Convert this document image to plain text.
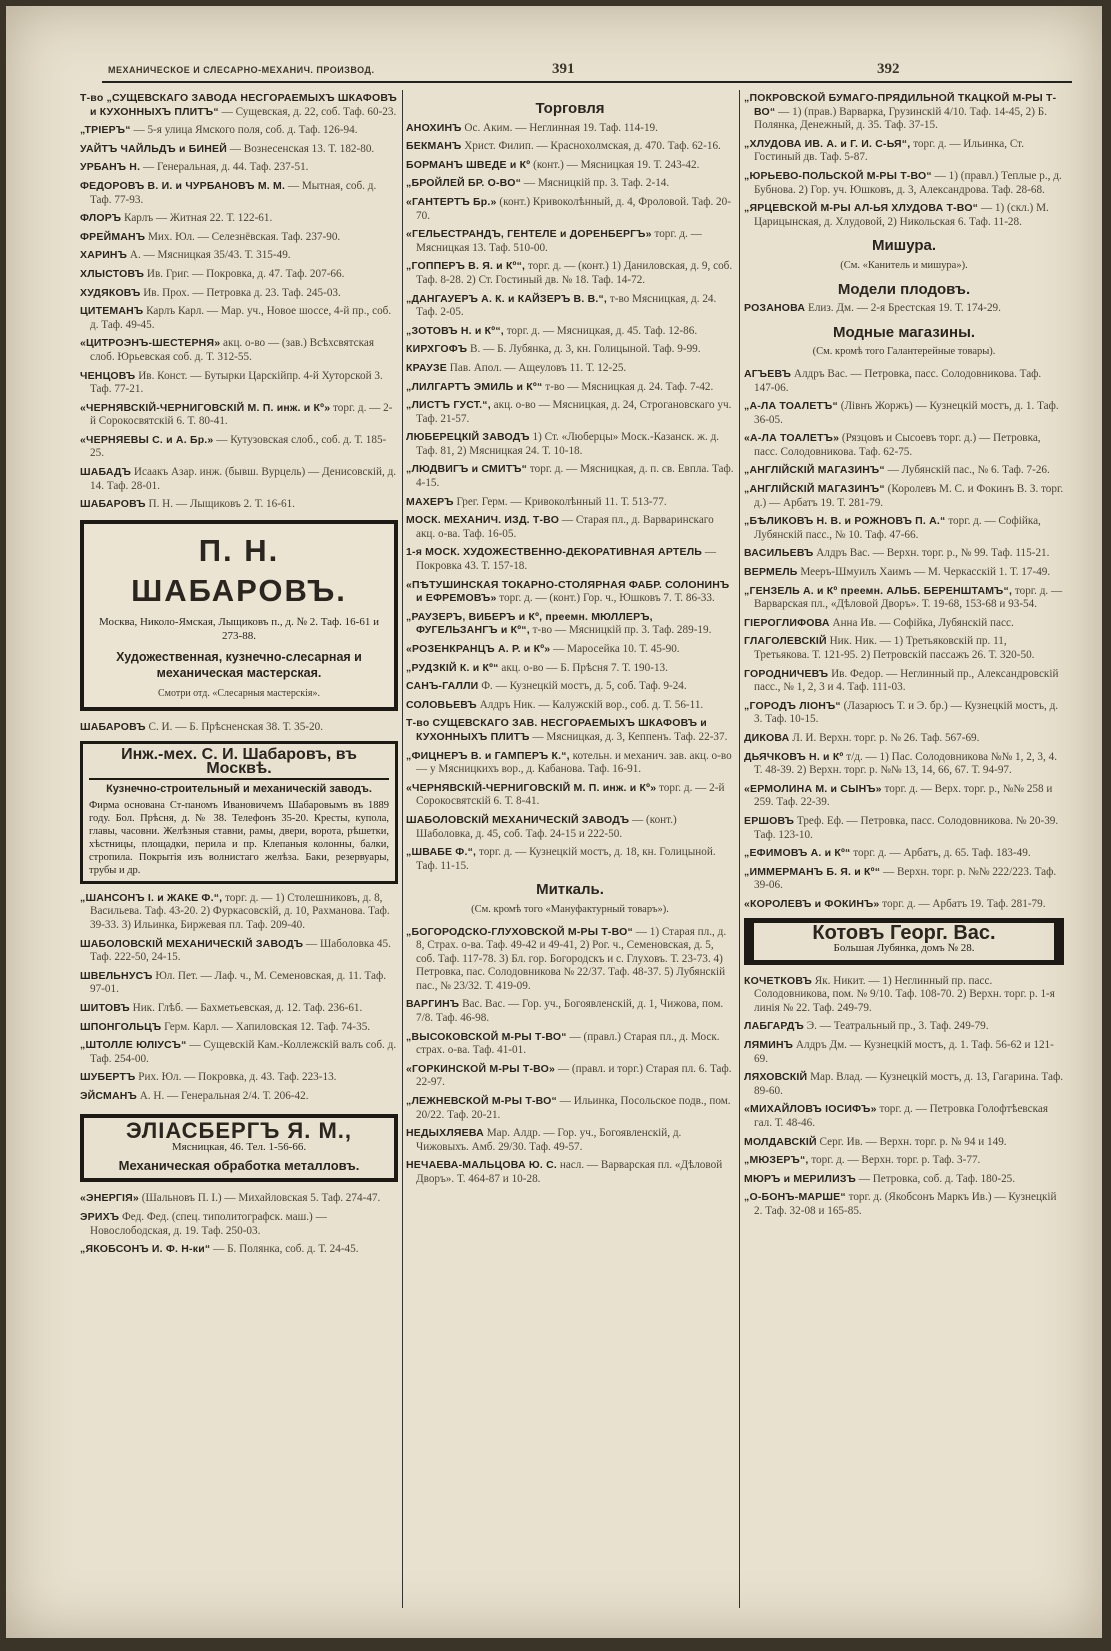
МЕХАНИЧЕСКОЕ И СЛЕСАРНО-МЕХАНИЧ. ПРОИЗВОД.	391	392
Т-во „СУЩЕВСКАГО ЗАВОДА НЕСГОРАЕМЫХЪ ШКАФОВЪ и КУХОННЫХЪ ПЛИТЪ“ — Сущевская, д. 22, соб. Таф. 60-23.
„ТРІЕРЪ“ — 5-я улица Ямского поля, соб. д. Таф. 126-94.
УАЙТЪ ЧАЙЛЬДЪ и БИНЕЙ — Вознесенская 13. Т. 182-80.
УРБАНЪ Н. — Генеральная, д. 44. Таф. 237-51.
ФЕДОРОВЪ В. И. и ЧУРБАНОВЪ М. М. — Мытная, соб. д. Таф. 77-93.
ФЛОРЪ Карлъ — Житная 22. Т. 122-61.
ФРЕЙМАНЪ Мих. Юл. — Селезнёвская. Таф. 237-90.
ХАРИНЪ А. — Мясницкая 35/43. Т. 315-49.
ХЛЫСТОВЪ Ив. Григ. — Покровка, д. 47. Таф. 207-66.
ХУДЯКОВЪ Ив. Прох. — Петровка д. 23. Таф. 245-03.
ЦИТЕМАНЪ Карлъ Карл. — Мар. уч., Новое шоссе, 4-й пр., соб. д. Таф. 49-45.
«ЦИТРОЭНЪ-ШЕСТЕРНЯ» акц. о-во — (зав.) Всѣхсвятская слоб. Юрьевская соб. д. Т. 312-55.
ЧЕНЦОВЪ Ив. Конст. — Бутырки Царскійпр. 4-й Хуторской 3. Таф. 77-21.
«ЧЕРНЯВСКІЙ-ЧЕРНИГОВСКІЙ М. П. инж. и Кº» торг. д. — 2-й Сорокосвятскій 6. Т. 80-41.
«ЧЕРНЯЕВЫ С. и А. Бр.» — Кутузовская слоб., соб. д. Т. 185-25.
ШАБАДЪ Исаакъ Азар. инж. (бывш. Вурцель) — Денисовскій, д. 14. Таф. 28-01.
ШАБАРОВЪ П. Н. — Лыщиковъ 2. Т. 16-61.
П. Н. ШАБАРОВЪ.
Москва, Николо-Ямская, Лыщиковъ п., д. № 2. Таф. 16-61 и 273-88.
Художественная, кузнечно-слесарная и механическая мастерская.
Смотри отд. «Слесарныя мастерскія».
ШАБАРОВЪ С. И. — Б. Прѣсненская 38. Т. 35-20.
Инж.-мех. С. И. Шабаровъ, въ Москвѣ.
Кузнечно-строительный и механическій заводъ.
Фирма основана Ст-паномъ Ивановичемъ Шабаровымъ въ 1889 году. Бол. Прѣсня, д. № 38. Телефонъ 35-20. Кресты, купола, главы, часовни. Желѣзныя ставни, рамы, двери, ворота, рѣшетки, хѣстницы, площадки, перила и пр. Клепаныя колонны, балки, стропила. Покрытія изъ волнистаго желѣза. Баки, резервуары, трубы и др.
„ШАНСОНЪ І. и ЖАКЕ Ф.“, торг. д. — 1) Столешниковъ, д. 8, Васильева. Таф. 43-20. 2) Фуркасовскій, д. 10, Рахманова. Таф. 39-33. 3) Ильинка, Биржевая пл. Таф. 209-40.
ШАБОЛОВСКІЙ МЕХАНИЧЕСКІЙ ЗАВОДЪ — Шаболовка 45. Таф. 222-50, 24-15.
ШВЕЛЬНУСЪ Юл. Пет. — Лаф. ч., М. Семеновская, д. 11. Таф. 97-01.
ШИТОВЪ Ник. Глѣб. — Бахметьевская, д. 12. Таф. 236-61.
ШПОНГОЛЬЦЪ Герм. Карл. — Хапиловская 12. Таф. 74-35.
„ШТОЛЛЕ ЮЛІУСЪ“ — Сущевскій Кам.-Коллежскій валъ соб. д. Таф. 254-00.
ШУБЕРТЪ Рих. Юл. — Покровка, д. 43. Таф. 223-13.
ЭЙСМАНЪ А. Н. — Генеральная 2/4. Т. 206-42.
ЭЛІАСБЕРГЪ Я. М.,
Мясницкая, 46. Тел. 1-56-66.
Механическая обработка металловъ.
«ЭНЕРГІЯ» (Шальновъ П. І.) — Михайловская 5. Таф. 274-47.
ЭРИХЪ Фед. Фед. (спец. типолитографск. маш.) — Новослободская, д. 19. Таф. 250-03.
„ЯКОБСОНЪ И. Ф. Н-ки“ — Б. Полянка, соб. д. Т. 24-45.
Торговля
АНОХИНЪ Ос. Аким. — Неглинная 19. Таф. 114-19.
БЕКМАНЪ Христ. Филип. — Краснохолмская, д. 470. Таф. 62-16.
БОРМАНЪ ШВЕДЕ и Кº (конт.) — Мясницкая 19. Т. 243-42.
„БРОЙЛЕЙ БР. О-ВО“ — Мясницкій пр. 3. Таф. 2-14.
«ГАНТЕРТЪ Бр.» (конт.) Кривоколѣнный, д. 4, Фроловой. Таф. 20-70.
«ГЕЛЬЕСТРАНДЪ, ГЕНТЕЛЕ и ДОРЕНБЕРГЪ» торг. д. — Мясницкая 13. Таф. 510-00.
„ГОППЕРЪ В. Я. и Кº“, торг. д. — (конт.) 1) Даниловская, д. 9, соб. Таф. 8-28. 2) Ст. Гостиный дв. № 18. Таф. 14-72.
„ДАНГАУЕРЪ А. К. и КАЙЗЕРЪ В. В.“, т-во Мясницкая, д. 24. Таф. 2-05.
„ЗОТОВЪ Н. и Кº“, торг. д. — Мясницкая, д. 45. Таф. 12-86.
КИРХГОФЪ В. — Б. Лубянка, д. 3, кн. Голицыной. Таф. 9-99.
КРАУЗЕ Пав. Апол. — Ащеуловъ 11. Т. 12-25.
„ЛИЛГАРТЪ ЭМИЛЬ и Кº“ т-во — Мясницкая д. 24. Таф. 7-42.
„ЛИСТЪ ГУСТ.“, акц. о-во — Мясницкая, д. 24, Строгановскаго уч. Таф. 21-57.
ЛЮБЕРЕЦКІЙ ЗАВОДЪ 1) Ст. «Люберцы» Моск.-Казанск. ж. д. Таф. 81, 2) Мясницкая 24. Т. 10-18.
„ЛЮДВИГЪ и СМИТЪ“ торг. д. — Мясницкая, д. п. св. Евпла. Таф. 4-15.
МАХЕРЪ Грег. Герм. — Кривоколѣнный 11. Т. 513-77.
МОСК. МЕХАНИЧ. ИЗД. Т-ВО — Старая пл., д. Варваринскаго акц. о-ва. Таф. 16-05.
1-я МОСК. ХУДОЖЕСТВЕННО-ДЕКОРАТИВНАЯ АРТЕЛЬ — Покровка 43. Т. 157-18.
«ПѢТУШИНСКАЯ ТОКАРНО-СТОЛЯРНАЯ ФАБР. СОЛОНИНЪ и ЕФРЕМОВЪ» торг. д. — (конт.) Гор. ч., Юшковъ 7. Т. 86-33.
„РАУЗЕРЪ, ВИБЕРЪ и Кº, преемн. МЮЛЛЕРЪ, ФУГЕЛЬЗАНГЪ и Кº“, т-во — Мясницкій пр. 3. Таф. 289-19.
«РОЗЕНКРАНЦЪ А. Р. и Кº» — Маросейка 10. Т. 45-90.
„РУДЗКІЙ К. и Кº“ акц. о-во — Б. Прѣсня 7. Т. 190-13.
САНЪ-ГАЛЛИ Ф. — Кузнецкій мостъ, д. 5, соб. Таф. 9-24.
СОЛОВЬЕВЪ Алдръ Ник. — Калужскій вор., соб. д. Т. 56-11.
Т-во СУЩЕВСКАГО ЗАВ. НЕСГОРАЕМЫХЪ ШКАФОВЪ и КУХОННЫХЪ ПЛИТЪ — Мясницкая, д. 3, Кеппенъ. Таф. 22-37.
„ФИЦНЕРЪ В. и ГАМПЕРЪ К.“, котельн. и механич. зав. акц. о-во — у Мясницкихъ вор., д. Кабанова. Таф. 16-91.
«ЧЕРНЯВСКІЙ-ЧЕРНИГОВСКІЙ М. П. инж. и Кº» торг. д. — 2-й Сорокосвятскій 6. Т. 8-41.
ШАБОЛОВСКІЙ МЕХАНИЧЕСКІЙ ЗАВОДЪ — (конт.) Шаболовка, д. 45, соб. Таф. 24-15 и 222-50.
„ШВАБЕ Ф.“, торг. д. — Кузнецкій мостъ, д. 18, кн. Голицыной. Таф. 11-15.
Миткаль.
(См. кромѣ того «Мануфактурный товаръ»).
„БОГОРОДСКО-ГЛУХОВСКОЙ М-РЫ Т-ВО“ — 1) Старая пл., д. 8, Страх. о-ва. Таф. 49-42 и 49-41, 2) Рог. ч., Семеновская, д. 5, соб. Таф. 117-78. 3) Бл. гор. Богородскъ и с. Глуховъ. Т. 23-73. 4) Петровка, пас. Солодовникова № 22/37. Таф. 48-37. 5) Лубянскій пас., № 23/32. Т. 419-09.
ВАРГИНЪ Вас. Вас. — Гор. уч., Богоявленскій, д. 1, Чижова, пом. 7/8. Таф. 46-98.
„ВЫСОКОВСКОЙ М-РЫ Т-ВО“ — (правл.) Старая пл., д. Моск. страх. о-ва. Таф. 41-01.
«ГОРКИНСКОЙ М-РЫ Т-ВО» — (правл. и торг.) Старая пл. 6. Таф. 22-97.
„ЛЕЖНЕВСКОЙ М-РЫ Т-ВО“ — Ильинка, Посольское подв., пом. 20/22. Таф. 20-21.
НЕДЫХЛЯЕВА Мар. Алдр. — Гор. уч., Богоявленскій, д. Чижовыхъ. Амб. 29/30. Таф. 49-57.
НЕЧАЕВА-МАЛЬЦОВА Ю. С. насл. — Варварская пл. «Дѣловой Дворъ». Т. 464-87 и 10-28.
„ПОКРОВСКОЙ БУМАГО-ПРЯДИЛЬНОЙ ТКАЦКОЙ М-РЫ Т-ВО“ — 1) (прав.) Варварка, Грузинскій 4/10. Таф. 14-45, 2) Б. Полянка, Денежный, д. 35. Таф. 37-15.
„ХЛУДОВА ИВ. А. и Г. И. С-ЬЯ“, торг. д. — Ильинка, Ст. Гостиный дв. Таф. 5-87.
„ЮРЬЕВО-ПОЛЬСКОЙ М-РЫ Т-ВО“ — 1) (правл.) Теплые р., д. Бубнова. 2) Гор. уч. Юшковъ, д. 3, Александрова. Таф. 28-68.
„ЯРЦЕВСКОЙ М-РЫ АЛ-ЬЯ ХЛУДОВА Т-ВО“ — 1) (скл.) М. Царицынская, д. Хлудовой, 2) Никольская 6. Таф. 11-28.
Мишура.
(См. «Канитель и мишура»).
Модели плодовъ.
РОЗАНОВА Елиз. Дм. — 2-я Брестская 19. Т. 174-29.
Модные магазины.
(См. кромѣ того Галантерейные товары).
АГЪЕВЪ Алдръ Вас. — Петровка, пасс. Солодовникова. Таф. 147-06.
„А-ЛА ТОАЛЕТЪ“ (Лівнъ Жоржъ) — Кузнецкій мостъ, д. 1. Таф. 36-05.
«А-ЛА ТОАЛЕТЪ» (Рязцовъ и Сысоевъ торг. д.) — Петровка, пасс. Солодовникова. Таф. 62-75.
„АНГЛІЙСКІЙ МАГАЗИНЪ“ — Лубянскій пас., № 6. Таф. 7-26.
„АНГЛІЙСКІЙ МАГАЗИНЪ“ (Королевъ М. С. и Фокинъ В. З. торг. д.) — Арбатъ 19. Т. 281-79.
„БѢЛИКОВЪ Н. В. и РОЖНОВЪ П. А.“ торг. д. — Софійка, Лубянскій пасс., № 10. Таф. 47-66.
ВАСИЛЬЕВЪ Алдръ Вас. — Верхн. торг. р., № 99. Таф. 115-21.
ВЕРМЕЛЬ Мееръ-Шмуилъ Хаимъ — М. Черкасскій 1. Т. 17-49.
„ГЕНЗЕЛЬ А. и Кº преемн. АЛЬБ. БЕРЕНШТАМЪ“, торг. д. — Варварская пл., «Дѣловой Дворъ». Т. 19-68, 153-68 и 93-54.
ГІЕРОГЛИФОВА Анна Ив. — Софійка, Лубянскій пасс.
ГЛАГОЛЕВСКІЙ Ник. Ник. — 1) Третьяковскій пр. 11, Третьякова. Т. 121-95. 2) Петровскій пассажъ 26. Т. 320-50.
ГОРОДНИЧЕВЪ Ив. Федор. — Неглинный пр., Александровскій пасс., № 1, 2, 3 и 4. Таф. 111-03.
„ГОРОДЪ ЛІОНЪ“ (Лазарюсъ Т. и Э. бр.) — Кузнецкій мостъ, д. 3. Таф. 10-15.
ДИКОВА Л. И. Верхн. торг. р. № 26. Таф. 567-69.
ДЬЯЧКОВЪ Н. и Кº т/д. — 1) Пас. Солодовникова №№ 1, 2, 3, 4. Т. 48-39. 2) Верхн. торг. р. №№ 13, 14, 66, 67. Т. 94-97.
«ЕРМОЛИНА М. и СЫНЪ» торг. д. — Верх. торг. р., №№ 258 и 259. Таф. 22-39.
ЕРШОВЪ Треф. Еф. — Петровка, пасс. Солодовникова. № 20-39. Таф. 123-10.
„ЕФИМОВЪ А. и Кº“ торг. д. — Арбатъ, д. 65. Таф. 183-49.
„ИММЕРМАНЪ Б. Я. и Кº“ — Верхн. торг. р. №№ 222/223. Таф. 39-06.
«КОРОЛЕВЪ и ФОКИНЪ» торг. д. — Арбатъ 19. Таф. 281-79.
Котовъ Георг. Вас.
Большая Лубянка, домъ № 28.
КОЧЕТКОВЪ Як. Никит. — 1) Неглинный пр. пасс. Солодовникова, пом. № 9/10. Таф. 108-70. 2) Верхн. торг. р. 1-я линія № 22. Таф. 249-79.
ЛАБГАРДЪ Э. — Театральный пр., 3. Таф. 249-79.
ЛЯМИНЪ Алдръ Дм. — Кузнецкій мостъ, д. 1. Таф. 56-62 и 121-69.
ЛЯХОВСКІЙ Мар. Влад. — Кузнецкій мостъ, д. 13, Гагарина. Таф. 89-60.
«МИХАЙЛОВЪ ІОСИФЪ» торг. д. — Петровка Голофтѣевская гал. Т. 48-46.
МОЛДАВСКІЙ Серг. Ив. — Верхн. торг. р. № 94 и 149.
„МЮЗЕРЪ“, торг. д. — Верхн. торг. р. Таф. 3-77.
МЮРЪ и МЕРИЛИЗЪ — Петровка, соб. д. Таф. 180-25.
„О-БОНЪ-МАРШЕ“ торг. д. (Якобсонъ Маркъ Ив.) — Кузнецкій 2. Таф. 32-08 и 165-85.
